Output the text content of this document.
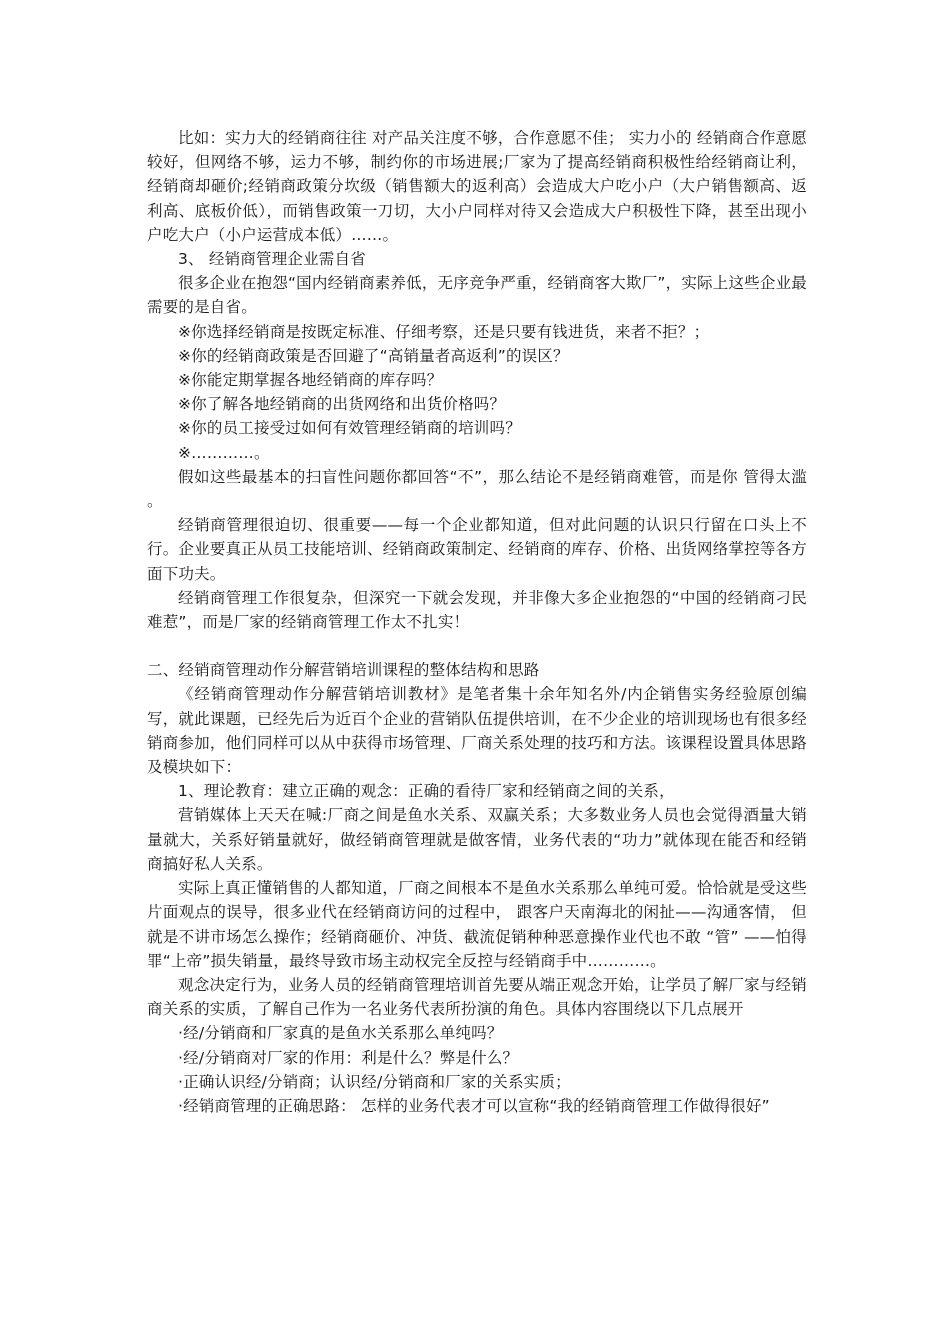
比如：实力大的经销商往往 对产品关注度不够，合作意愿不佳； 实力小的 经销商合作意愿较好，但网络不够，运力不够，制约你的市场进展;厂家为了提高经销商积极性给经销商让利，经销商却砸价;经销商政策分坎级（销售额大的返利高）会造成大户吃小户（大户销售额高、返利高、底板价低），而销售政策一刀切，大小户同样对待又会造成大户积极性下降，甚至出现小户吃大户（小户运营成本低）……。

3、 经销商管理企业需自省

很多企业在抱怨“国内经销商素养低，无序竞争严重，经销商客大欺厂”，实际上这些企业最需要的是自省。

※你选择经销商是按既定标准、仔细考察，还是只要有钱进货，来者不拒？；

※你的经销商政策是否回避了“高销量者高返利”的误区？

※你能定期掌握各地经销商的库存吗？

※你了解各地经销商的出货网络和出货价格吗？

※你的员工接受过如何有效管理经销商的培训吗？

※…………。

假如这些最基本的扫盲性问题你都回答“不”，那么结论不是经销商难管，而是你 管得太滥 。

经销商管理很迫切、很重要——每一个企业都知道，但对此问题的认识只行留在口头上不行。企业要真正从员工技能培训、经销商政策制定、经销商的库存、价格、出货网络掌控等各方面下功夫。

经销商管理工作很复杂，但深究一下就会发现，并非像大多企业抱怨的“中国的经销商刁民难惹”，而是厂家的经销商管理工作太不扎实！

二、经销商管理动作分解营销培训课程的整体结构和思路

《经销商管理动作分解营销培训教材》是笔者集十余年知名外/内企销售实务经验原创编写，就此课题，已经先后为近百个企业的营销队伍提供培训，在不少企业的培训现场也有很多经销商参加，他们同样可以从中获得市场管理、厂商关系处理的技巧和方法。该课程设置具体思路及模块如下：

1、理论教育：建立正确的观念：正确的看待厂家和经销商之间的关系，

营销媒体上天天在喊:厂商之间是鱼水关系、双赢关系；大多数业务人员也会觉得酒量大销量就大，关系好销量就好，做经销商管理就是做客情，业务代表的“功力”就体现在能否和经销商搞好私人关系。

实际上真正懂销售的人都知道，厂商之间根本不是鱼水关系那么单纯可爱。恰恰就是受这些片面观点的误导，很多业代在经销商访问的过程中， 跟客户天南海北的闲扯——沟通客情， 但就是不讲市场怎么操作；经销商砸价、冲货、截流促销种种恶意操作业代也不敢 “管” ——怕得罪“上帝”损失销量，最终导致市场主动权完全反控与经销商手中…………。

观念决定行为，业务人员的经销商管理培训首先要从端正观念开始，让学员了解厂家与经销商关系的实质，了解自己作为一名业务代表所扮演的角色。具体内容围绕以下几点展开

·经/分销商和厂家真的是鱼水关系那么单纯吗？

·经/分销商对厂家的作用：利是什么？弊是什么？

·正确认识经/分销商；认识经/分销商和厂家的关系实质；

·经销商管理的正确思路： 怎样的业务代表才可以宣称“我的经销商管理工作做得很好”
